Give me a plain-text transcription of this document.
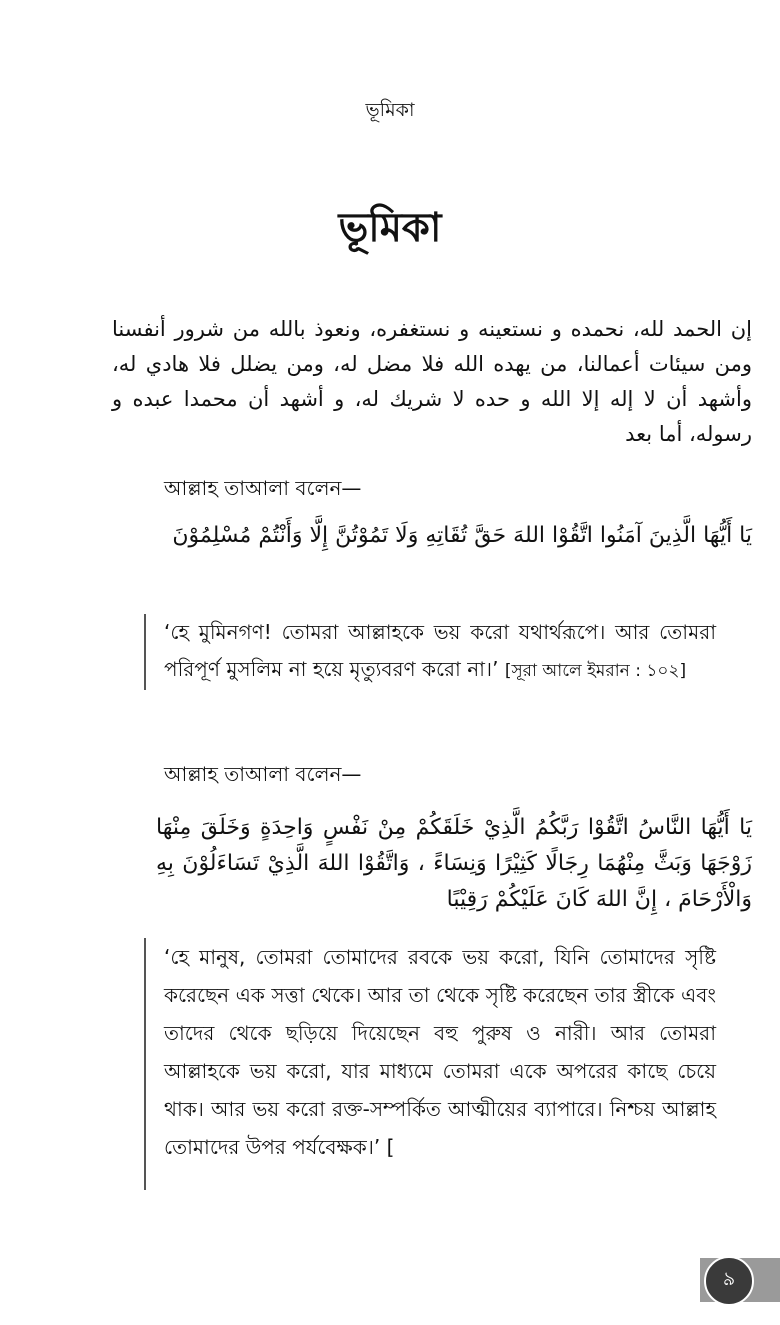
ভূমিকা
ভূমিকা

إن الحمد لله، نحمده و نستعينه و نستغفره، ونعوذ بالله من شرور أنفسنا ومن سيئات أعمالنا، من يهده الله فلا مضل له، ومن يضلل فلا هادي له، وأشهد أن لا إله إلا الله و حده لا شريك له، و أشهد أن محمدا عبده و رسوله، أما بعد

আল্লাহ তাআলা বলেন—

يَا أَيُّهَا الَّذِينَ آمَنُوا اتَّقُوْا اللهَ حَقَّ تُقَاتِهِ وَلَا تَمُوْتُنَّ إِلَّا وَأَنْتُمْ مُسْلِمُوْنَ

‘হে মুমিনগণ! তোমরা আল্লাহকে ভয় করো যথার্থরূপে। আর তোমরা পরিপূর্ণ মুসলিম না হয়ে মৃত্যুবরণ করো না।’ [সূরা আলে ইমরান : ১০২]

আল্লাহ তাআলা বলেন—

يَا أَيُّهَا النَّاسُ اتَّقُوْا رَبَّكُمُ الَّذِيْ خَلَقَكُمْ مِنْ نَفْسٍ وَاحِدَةٍ وَخَلَقَ مِنْهَا زَوْجَهَا وَبَثَّ مِنْهُمَا رِجَالًا كَثِيْرًا وَنِسَاءً ، وَاتَّقُوْا اللهَ الَّذِيْ تَسَاءَلُوْنَ بِهِ وَالْأَرْحَامَ ، إِنَّ اللهَ كَانَ عَلَيْكُمْ رَقِيْبًا

‘হে মানুষ, তোমরা তোমাদের রবকে ভয় করো, যিনি তোমাদের সৃষ্টি করেছেন এক সত্তা থেকে। আর তা থেকে সৃষ্টি করেছেন তার স্ত্রীকে এবং তাদের থেকে ছড়িয়ে দিয়েছেন বহু পুরুষ ও নারী। আর তোমরা আল্লাহকে ভয় করো, যার মাধ্যমে তোমরা একে অপরের কাছে চেয়ে থাক। আর ভয় করো রক্ত-সম্পর্কিত আত্মীয়ের ব্যাপারে। নিশ্চয় আল্লাহ তোমাদের উপর পর্যবেক্ষক।’ [

৯
